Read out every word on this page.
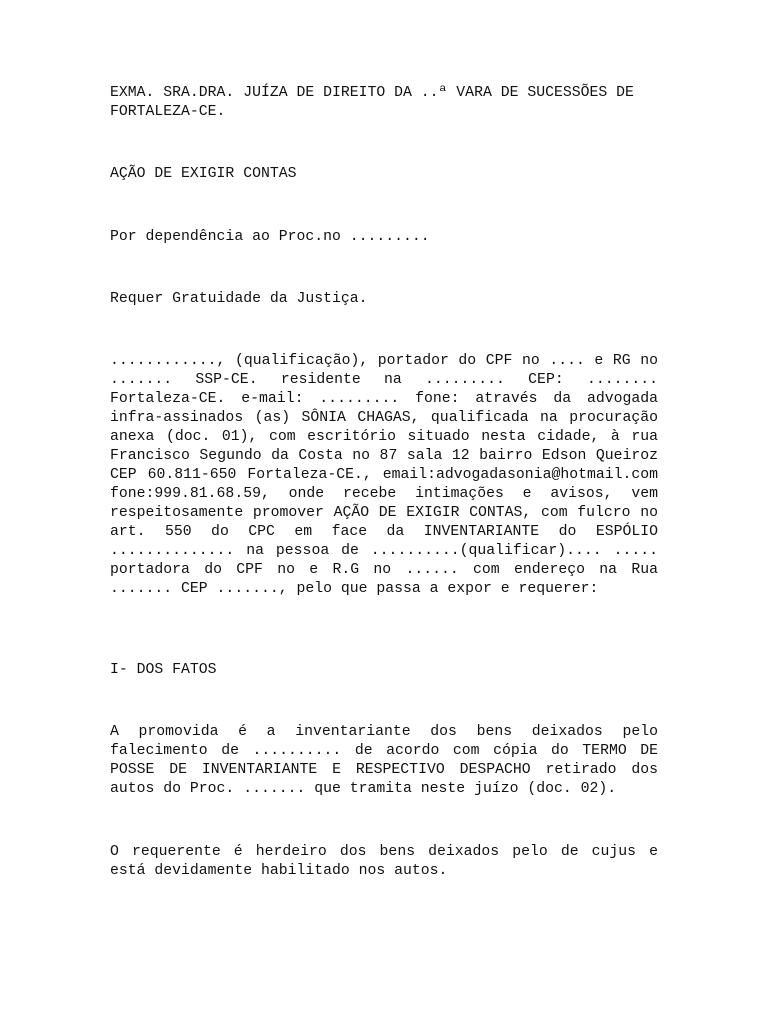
EXMA. SRA.DRA. JUÍZA DE DIREITO DA ..ª VARA DE SUCESSÕES DE FORTALEZA-CE.

AÇÃO DE EXIGIR CONTAS

Por dependência ao Proc.no .........

Requer Gratuidade da Justiça.

............, (qualificação), portador do CPF no .... e RG no ....... SSP-CE. residente na ......... CEP: ........ Fortaleza-CE. e-mail: ......... fone: através da advogada infra-assinados (as) SÔNIA CHAGAS, qualificada na procuração anexa (doc. 01), com escritório situado nesta cidade, à rua Francisco Segundo da Costa no 87 sala 12 bairro Edson Queiroz CEP 60.811-650 Fortaleza-CE., email:advogadasonia@hotmail.com fone:999.81.68.59, onde recebe intimações e avisos, vem respeitosamente promover AÇÃO DE EXIGIR CONTAS, com fulcro no art. 550 do CPC em face da INVENTARIANTE do ESPÓLIO .............. na pessoa de ..........(qualificar).... ..... portadora do CPF no e R.G no ...... com endereço na Rua ....... CEP ......., pelo que passa a expor e requerer:

I- DOS FATOS

A promovida é a inventariante dos bens deixados pelo falecimento de .......... de acordo com cópia do TERMO DE POSSE DE INVENTARIANTE E RESPECTIVO DESPACHO retirado dos autos do Proc. ....... que tramita neste juízo (doc. 02).

O requerente é herdeiro dos bens deixados pelo de cujus e está devidamente habilitado nos autos.
